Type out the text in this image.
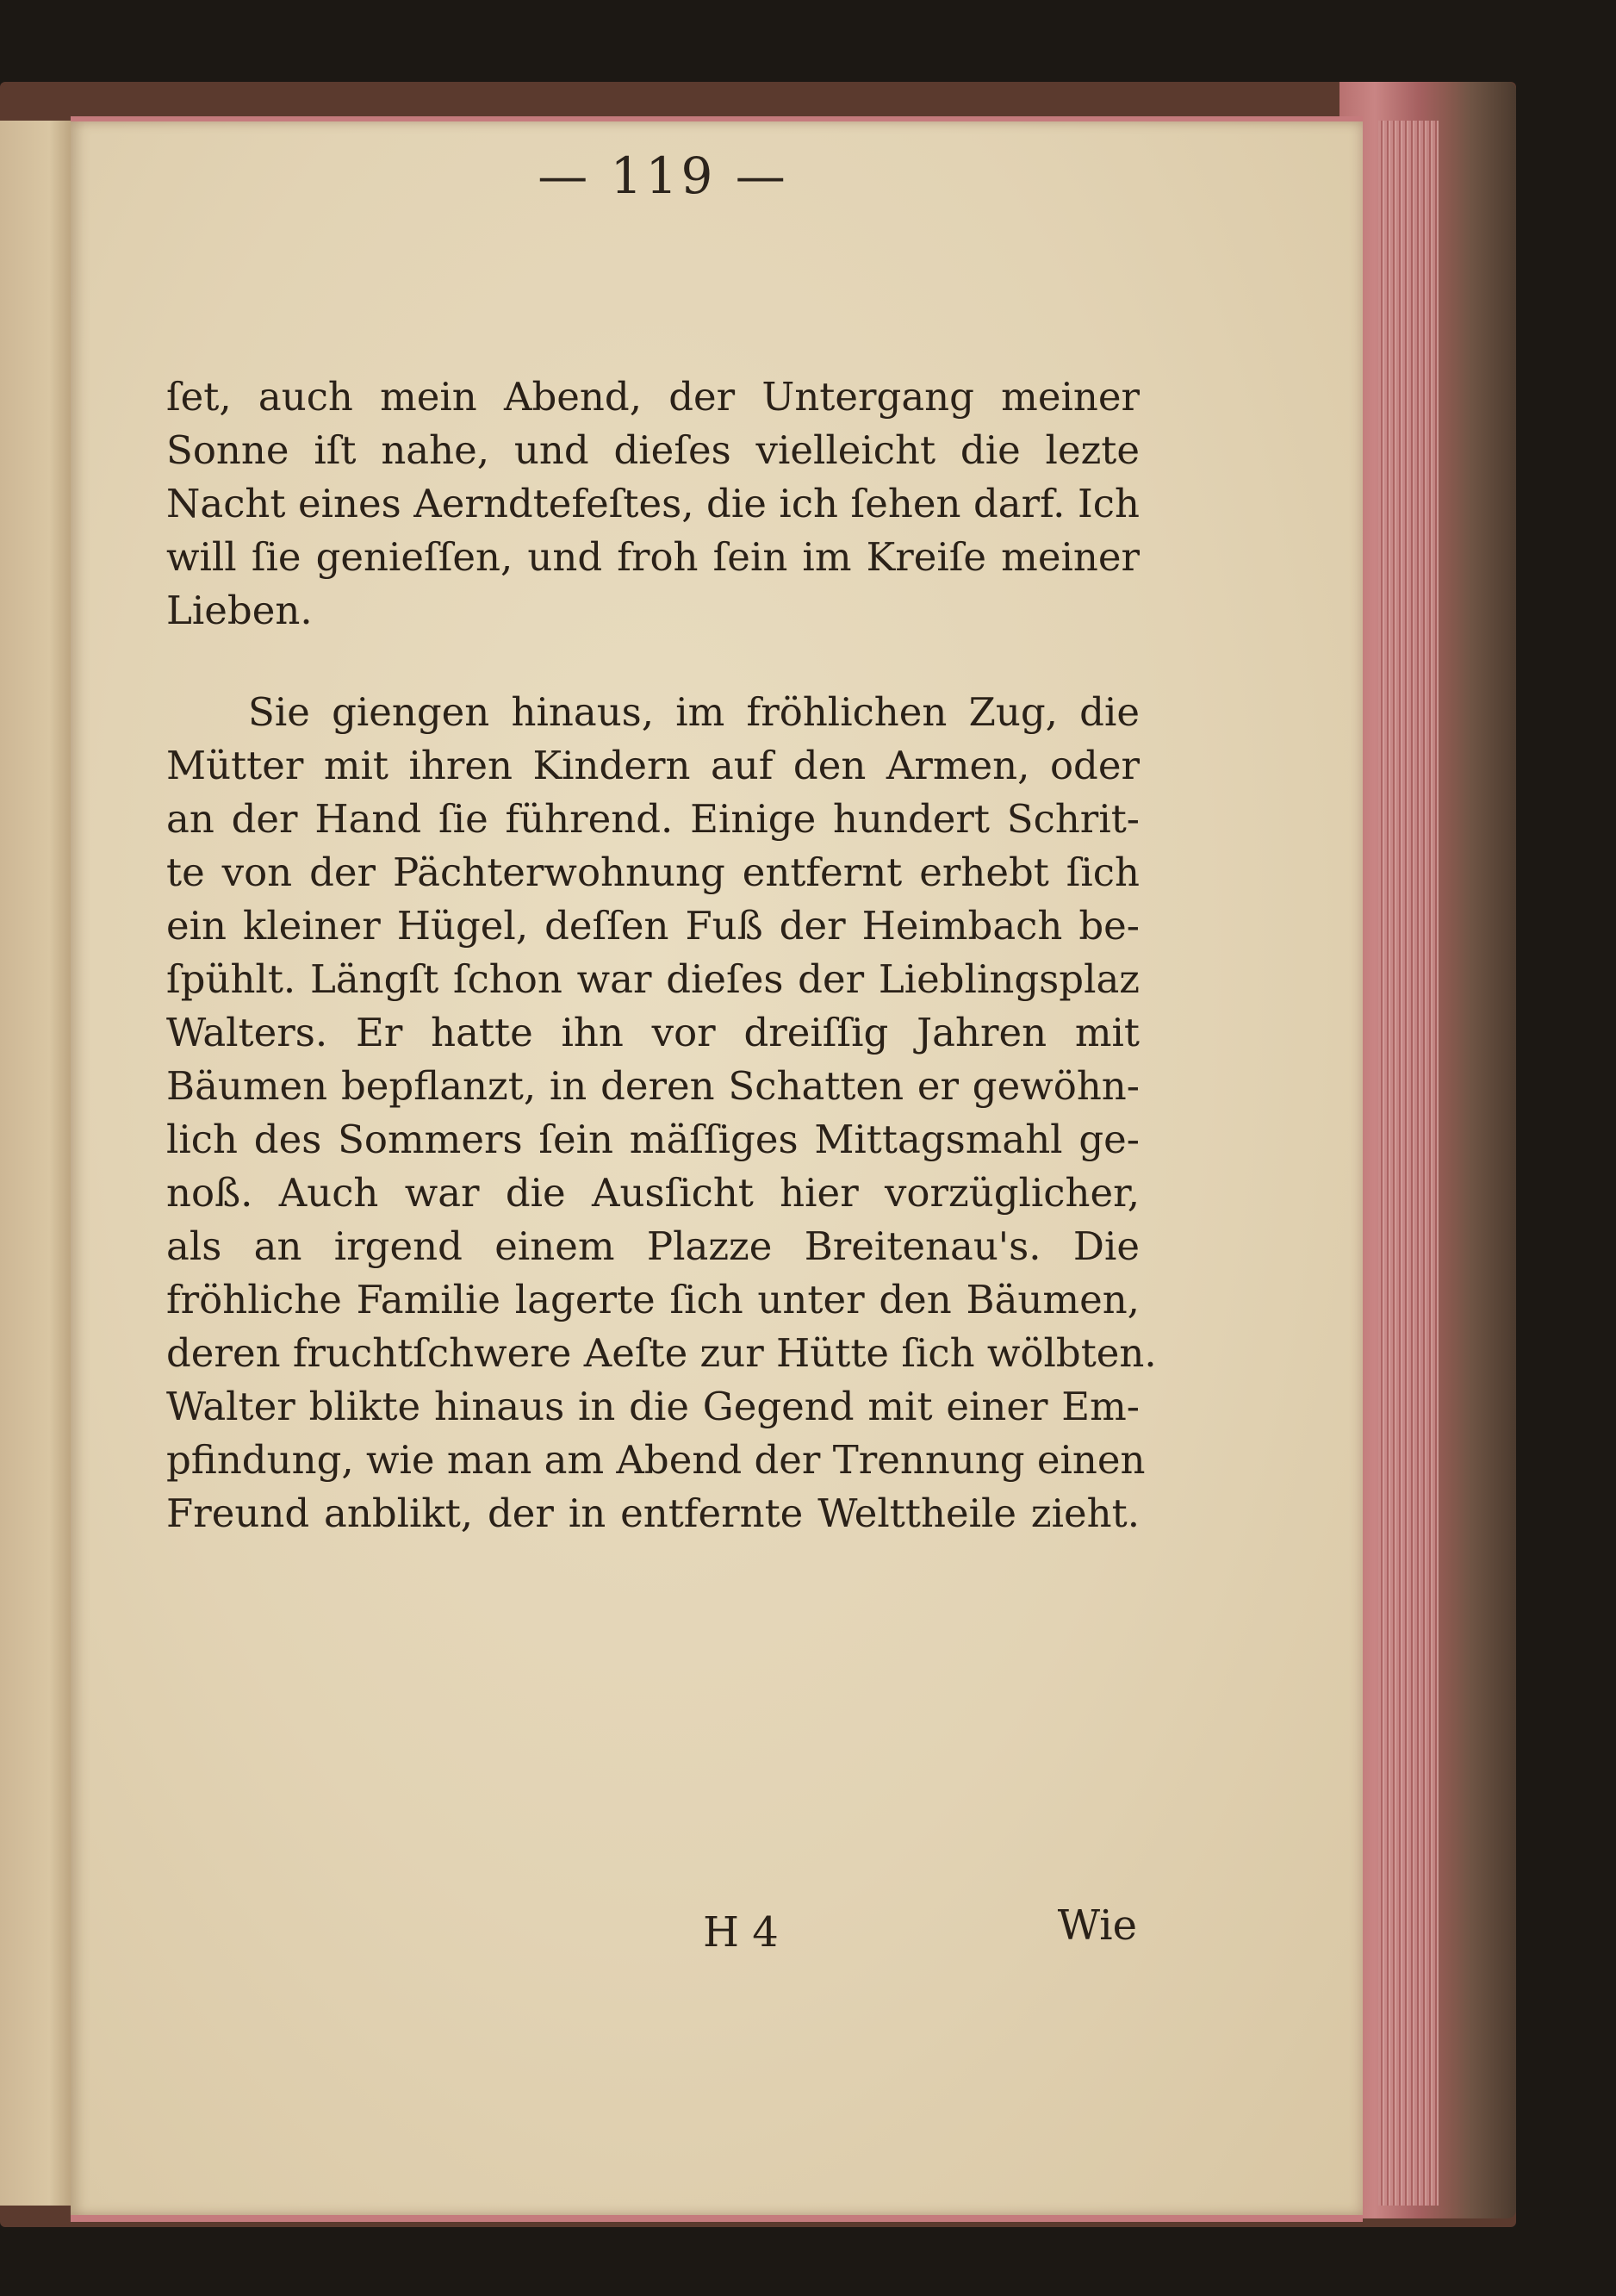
— 119 —
ſet, auch mein Abend, der Untergang meiner
Sonne iſt nahe, und dieſes vielleicht die lezte
Nacht eines Aerndtefeſtes, die ich ſehen darf. Ich
will ſie genieſſen, und froh ſein im Kreiſe meiner
Lieben.
Sie giengen hinaus, im fröhlichen Zug, die
Mütter mit ihren Kindern auf den Armen, oder
an der Hand ſie führend. Einige hundert Schrit-
te von der Pächterwohnung entfernt erhebt ſich
ein kleiner Hügel, deſſen Fuß der Heimbach be-
ſpühlt. Längſt ſchon war dieſes der Lieblingsplaz
Walters. Er hatte ihn vor dreiſſig Jahren mit
Bäumen bepflanzt, in deren Schatten er gewöhn-
lich des Sommers ſein mäſſiges Mittagsmahl ge-
noß. Auch war die Ausſicht hier vorzüglicher,
als an irgend einem Plazze Breitenau's. Die
fröhliche Familie lagerte ſich unter den Bäumen,
deren fruchtſchwere Aeſte zur Hütte ſich wölbten.
Walter blikte hinaus in die Gegend mit einer Em-
pfindung, wie man am Abend der Trennung einen
Freund anblikt, der in entfernte Welttheile zieht.
H 4	Wie
